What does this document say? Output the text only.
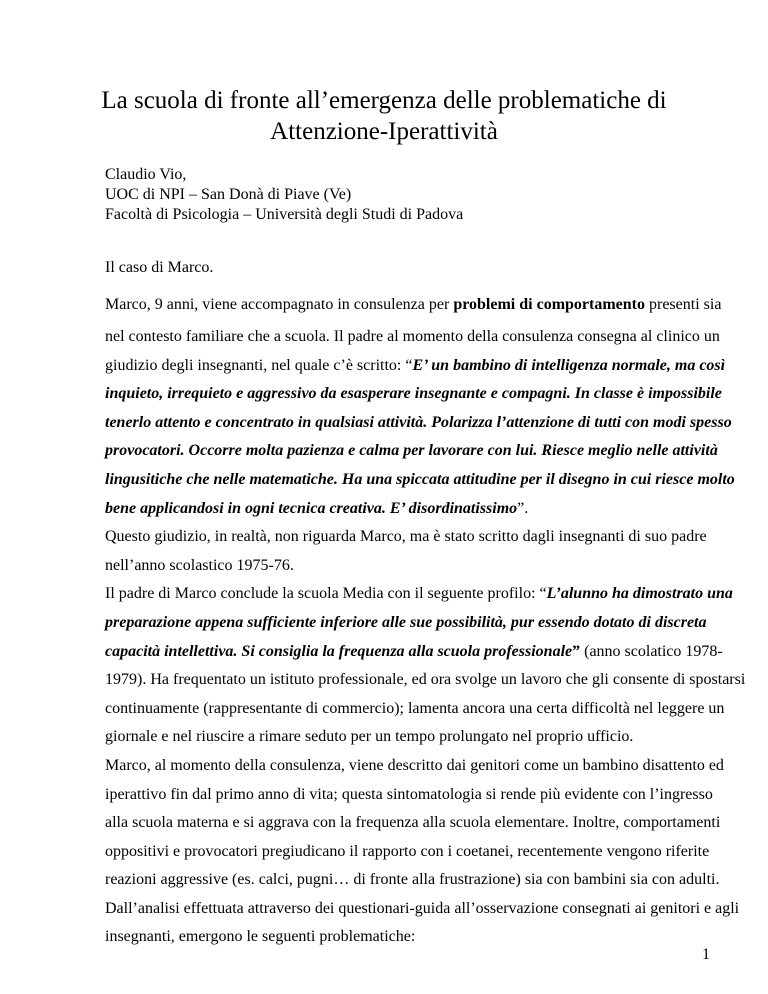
La scuola di fronte all’emergenza delle problematiche di
Attenzione-Iperattività
Claudio Vio,
UOC di NPI – San Donà di Piave (Ve)
Facoltà di Psicologia – Università degli Studi di Padova
Il caso di Marco.
Marco, 9 anni, viene accompagnato in consulenza per problemi di comportamento presenti sia
nel contesto familiare che a scuola. Il padre al momento della consulenza consegna al clinico un
giudizio degli insegnanti, nel quale c’è scritto: “E’ un bambino di intelligenza normale, ma così
inquieto, irrequieto e aggressivo da esasperare insegnante e compagni. In classe è impossibile
tenerlo attento e concentrato in qualsiasi attività. Polarizza l’attenzione di tutti con modi spesso
provocatori. Occorre molta pazienza e calma per lavorare con lui. Riesce meglio nelle attività
lingusitiche che nelle matematiche. Ha una spiccata attitudine per il disegno in cui riesce molto
bene applicandosi in ogni tecnica creativa. E’ disordinatissimo”.
Questo giudizio, in realtà, non riguarda Marco, ma è stato scritto dagli insegnanti di suo padre
nell’anno scolastico 1975-76.
Il padre di Marco conclude la scuola Media con il seguente profilo: “L’alunno ha dimostrato una
preparazione appena sufficiente inferiore alle sue possibilità, pur essendo dotato di discreta
capacità intellettiva. Si consiglia la frequenza alla scuola professionale” (anno scolatico 1978-
1979). Ha frequentato un istituto professionale, ed ora svolge un lavoro che gli consente di spostarsi
continuamente (rappresentante di commercio); lamenta ancora una certa difficoltà nel leggere un
giornale e nel riuscire a rimare seduto per un tempo prolungato nel proprio ufficio.
Marco, al momento della consulenza, viene descritto dai genitori come un bambino disattento ed
iperattivo fin dal primo anno di vita; questa sintomatologia si rende più evidente con l’ingresso
alla scuola materna e si aggrava con la frequenza alla scuola elementare. Inoltre, comportamenti
oppositivi e provocatori pregiudicano il rapporto con i coetanei, recentemente vengono riferite
reazioni aggressive (es. calci, pugni… di fronte alla frustrazione) sia con bambini sia con adulti.
Dall’analisi effettuata attraverso dei questionari-guida all’osservazione consegnati ai genitori e agli
insegnanti, emergono le seguenti problematiche:
1
